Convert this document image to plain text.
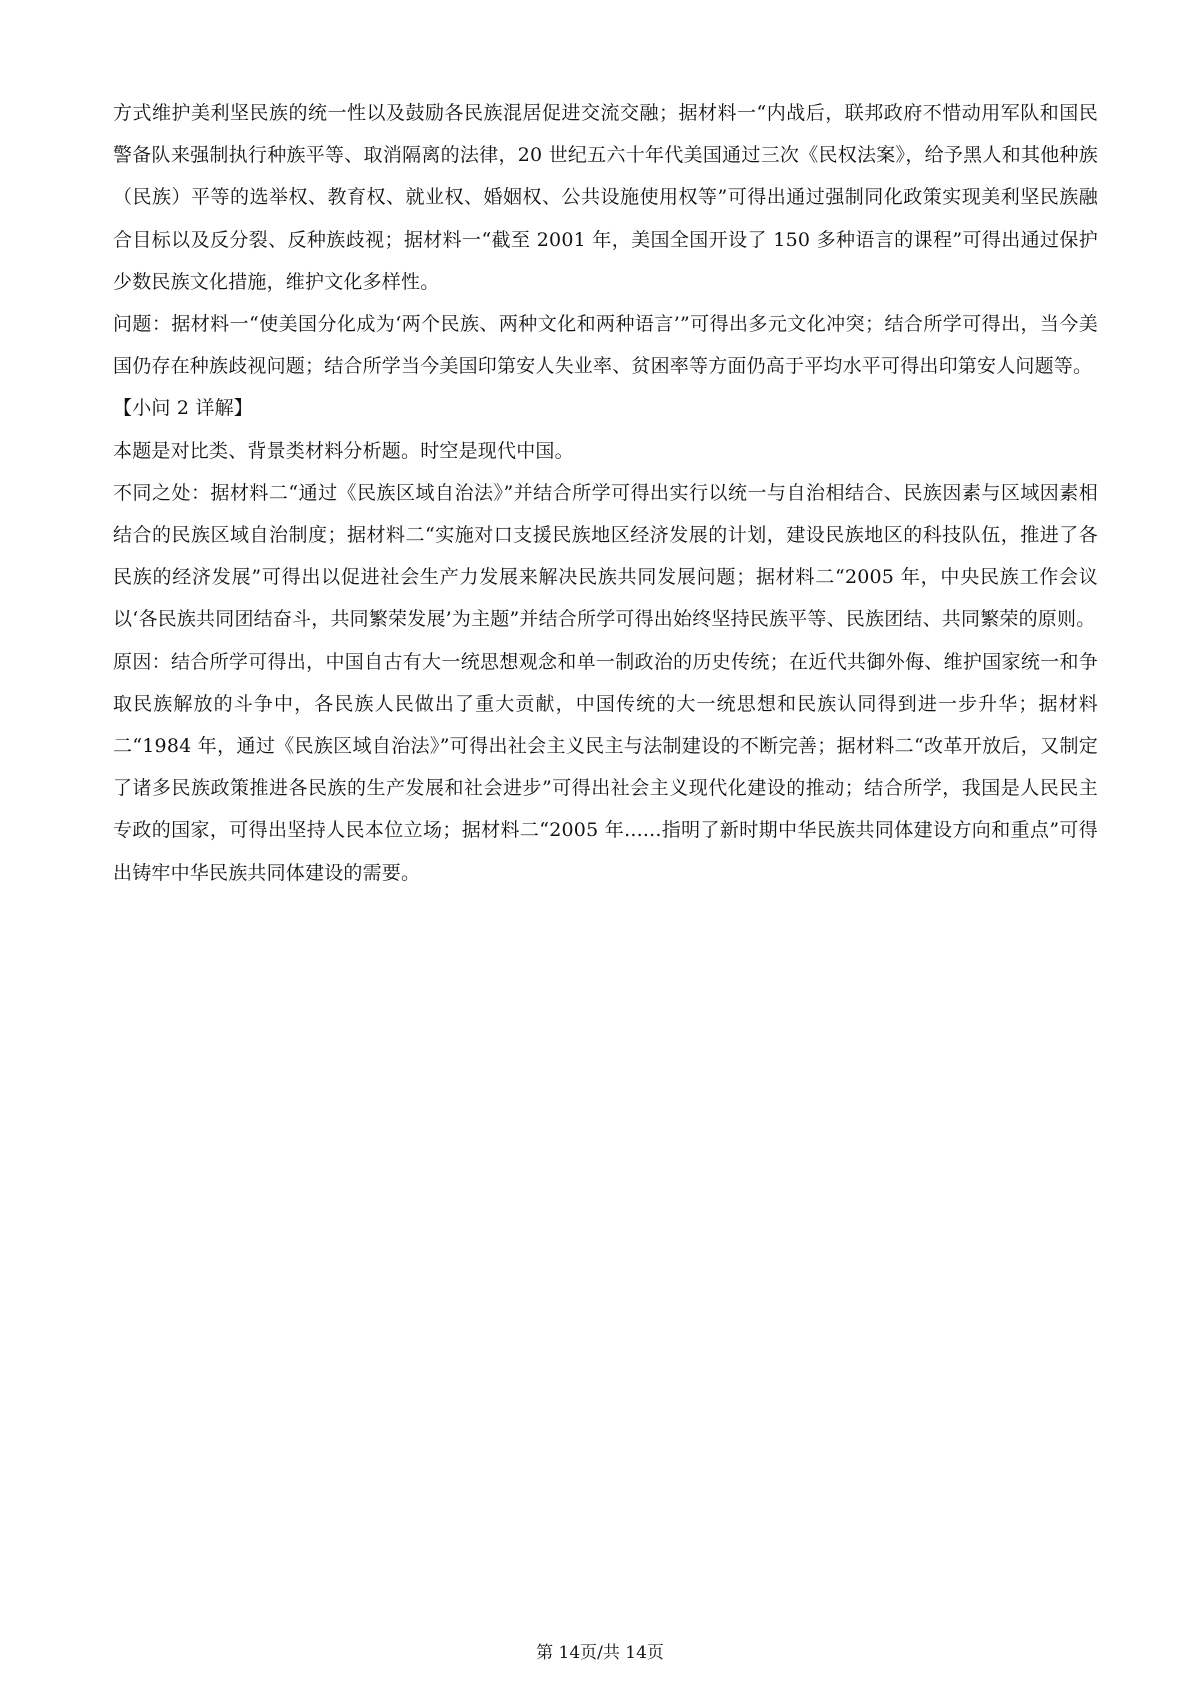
方式维护美利坚民族的统一性以及鼓励各民族混居促进交流交融；据材料一“内战后，联邦政府不惜动用军队和国民警备队来强制执行种族平等、取消隔离的法律，20 世纪五六十年代美国通过三次《民权法案》，给予黑人和其他种族（民族）平等的选举权、教育权、就业权、婚姻权、公共设施使用权等”可得出通过强制同化政策实现美利坚民族融合目标以及反分裂、反种族歧视；据材料一“截至 2001 年，美国全国开设了 150 多种语言的课程”可得出通过保护少数民族文化措施，维护文化多样性。

问题：据材料一“使美国分化成为‘两个民族、两种文化和两种语言’”可得出多元文化冲突；结合所学可得出，当今美国仍存在种族歧视问题；结合所学当今美国印第安人失业率、贫困率等方面仍高于平均水平可得出印第安人问题等。

【小问 2 详解】

本题是对比类、背景类材料分析题。时空是现代中国。

不同之处：据材料二“通过《民族区域自治法》”并结合所学可得出实行以统一与自治相结合、民族因素与区域因素相结合的民族区域自治制度；据材料二“实施对口支援民族地区经济发展的计划，建设民族地区的科技队伍，推进了各民族的经济发展”可得出以促进社会生产力发展来解决民族共同发展问题；据材料二“2005 年，中央民族工作会议以‘各民族共同团结奋斗，共同繁荣发展’为主题”并结合所学可得出始终坚持民族平等、民族团结、共同繁荣的原则。

原因：结合所学可得出，中国自古有大一统思想观念和单一制政治的历史传统；在近代共御外侮、维护国家统一和争取民族解放的斗争中，各民族人民做出了重大贡献，中国传统的大一统思想和民族认同得到进一步升华；据材料二“1984 年，通过《民族区域自治法》”可得出社会主义民主与法制建设的不断完善；据材料二“改革开放后，又制定了诸多民族政策推进各民族的生产发展和社会进步”可得出社会主义现代化建设的推动；结合所学，我国是人民民主专政的国家，可得出坚持人民本位立场；据材料二“2005 年......指明了新时期中华民族共同体建设方向和重点”可得出铸牢中华民族共同体建设的需要。

第 14页/共 14页
